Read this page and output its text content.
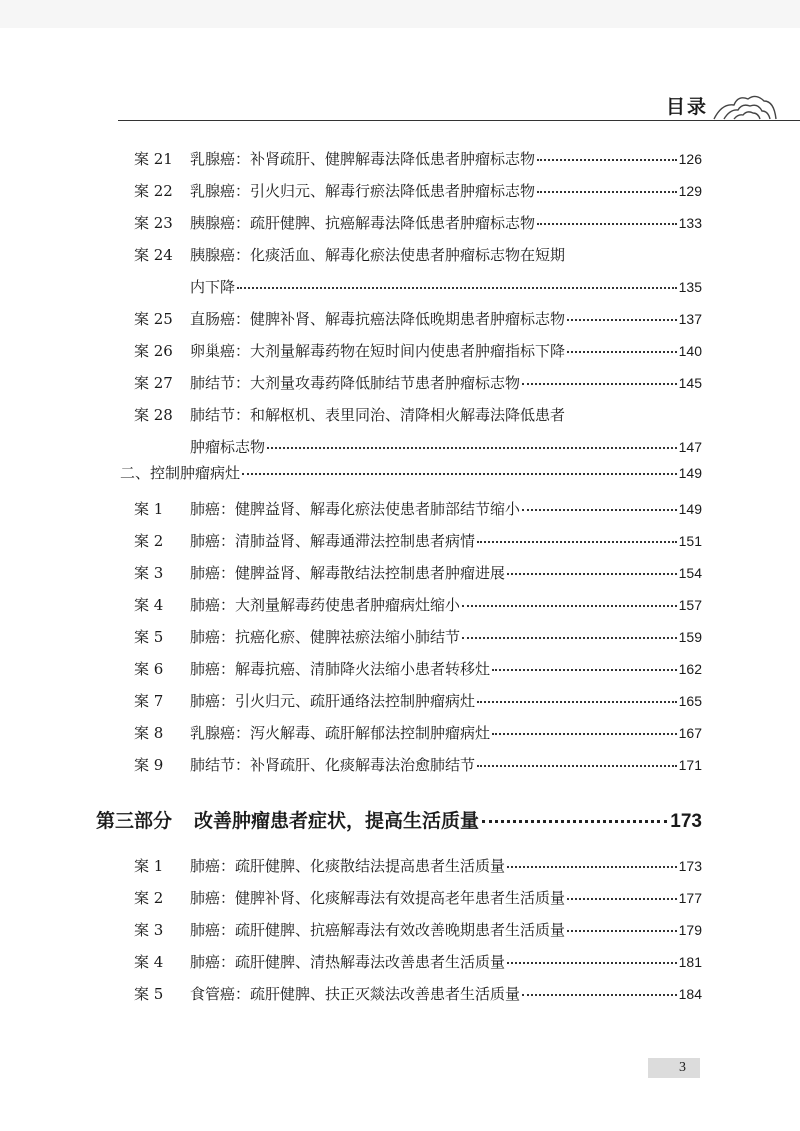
目录
案 21	乳腺癌： 补肾疏肝、健脾解毒法降低患者肿瘤标志物	126
案 22	乳腺癌： 引火归元、解毒行瘀法降低患者肿瘤标志物	129
案 23	胰腺癌： 疏肝健脾、抗癌解毒法降低患者肿瘤标志物	133
案 24	胰腺癌： 化痰活血、解毒化瘀法使患者肿瘤标志物在短期
内下降	135
案 25	直肠癌： 健脾补肾、解毒抗癌法降低晚期患者肿瘤标志物	137
案 26	卵巢癌： 大剂量解毒药物在短时间内使患者肿瘤指标下降	140
案 27	肺结节： 大剂量攻毒药降低肺结节患者肿瘤标志物	145
案 28	肺结节： 和解枢机、表里同治、清降相火解毒法降低患者
肿瘤标志物	147
二、控制肿瘤病灶	149
案 1	肺癌： 健脾益肾、解毒化瘀法使患者肺部结节缩小	149
案 2	肺癌： 清肺益肾、解毒通滞法控制患者病情	151
案 3	肺癌： 健脾益肾、解毒散结法控制患者肿瘤进展	154
案 4	肺癌： 大剂量解毒药使患者肿瘤病灶缩小	157
案 5	肺癌： 抗癌化瘀、健脾祛瘀法缩小肺结节	159
案 6	肺癌： 解毒抗癌、清肺降火法缩小患者转移灶	162
案 7	肺癌： 引火归元、疏肝通络法控制肿瘤病灶	165
案 8	乳腺癌： 泻火解毒、疏肝解郁法控制肿瘤病灶	167
案 9	肺结节： 补肾疏肝、化痰解毒法治愈肺结节	171
第三部分 改善肿瘤患者症状，提高生活质量	173
案 1	肺癌： 疏肝健脾、化痰散结法提高患者生活质量	173
案 2	肺癌： 健脾补肾、化痰解毒法有效提高老年患者生活质量	177
案 3	肺癌： 疏肝健脾、抗癌解毒法有效改善晚期患者生活质量	179
案 4	肺癌： 疏肝健脾、清热解毒法改善患者生活质量	181
案 5	食管癌： 疏肝健脾、扶正灭燚法改善患者生活质量	184
3
